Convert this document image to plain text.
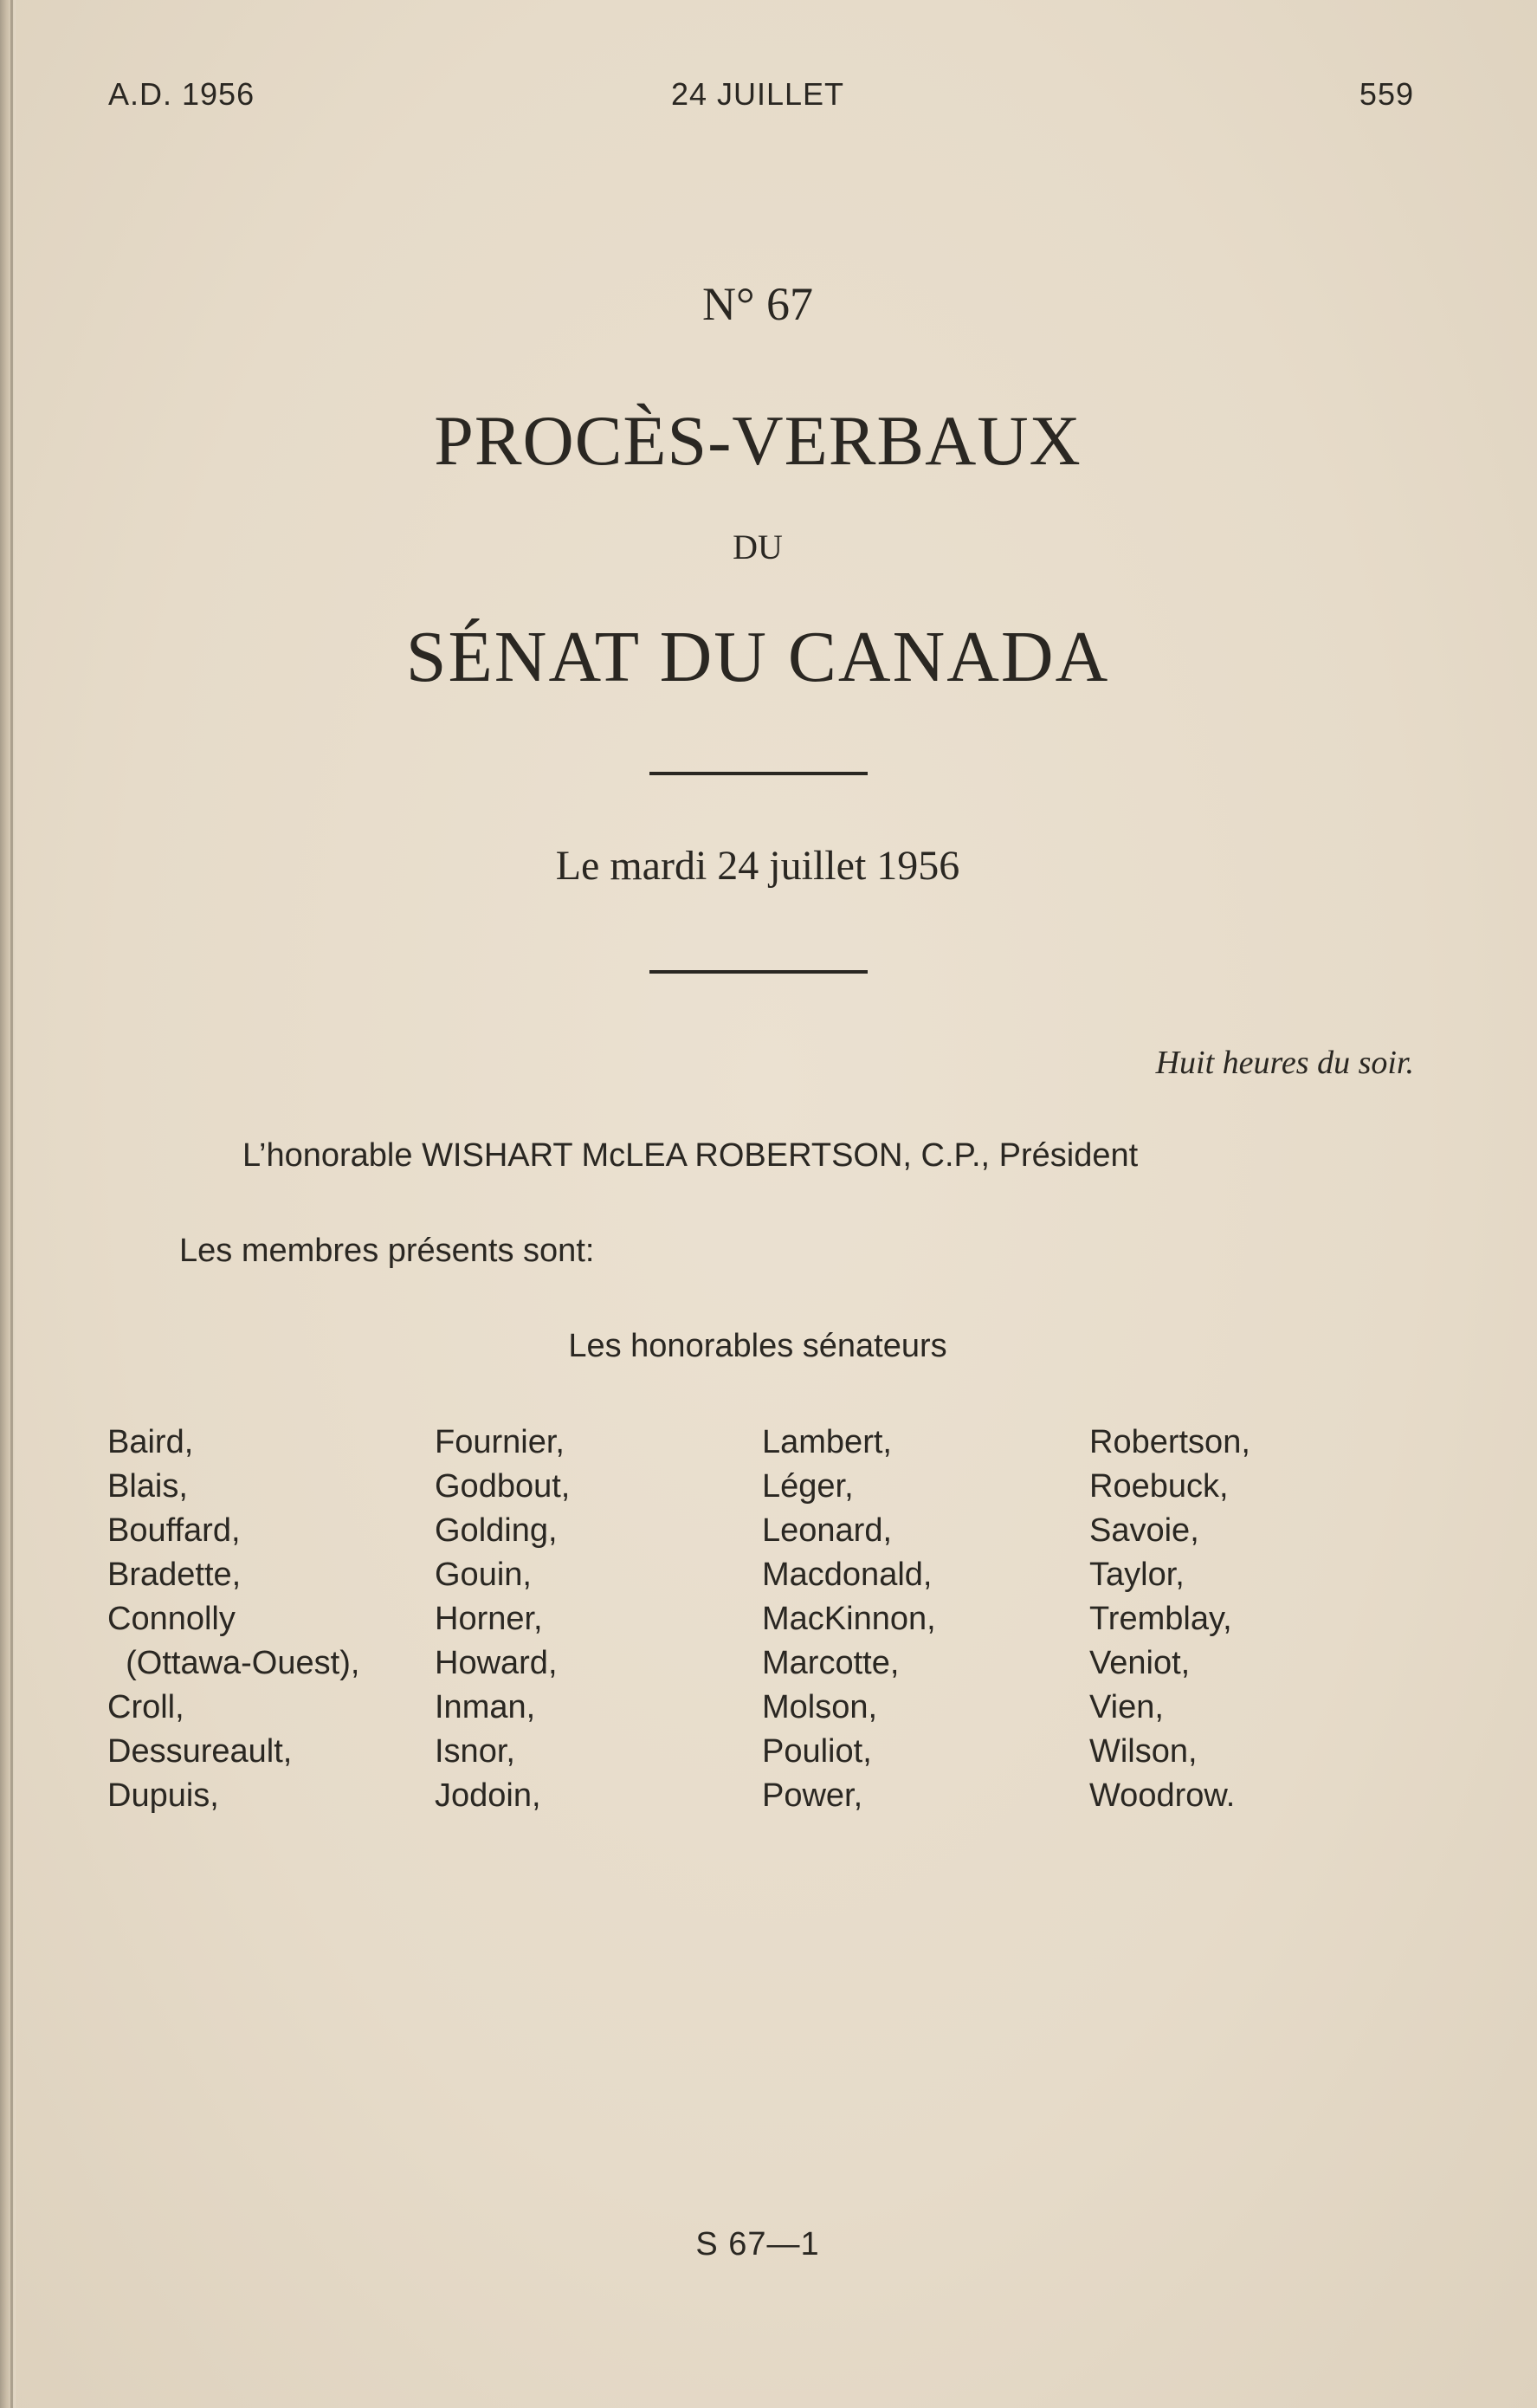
A.D. 1956	24 JUILLET	559
N° 67
PROCÈS-VERBAUX
DU
SÉNAT DU CANADA
Le mardi 24 juillet 1956
Huit heures du soir.
L’honorable WISHART McLEA ROBERTSON, C.P., Président
Les membres présents sont:
Les honorables sénateurs
Baird,
Blais,
Bouffard,
Bradette,
Connolly
(Ottawa-Ouest),
Croll,
Dessureault,
Dupuis,
Fournier,
Godbout,
Golding,
Gouin,
Horner,
Howard,
Inman,
Isnor,
Jodoin,
Lambert,
Léger,
Leonard,
Macdonald,
MacKinnon,
Marcotte,
Molson,
Pouliot,
Power,
Robertson,
Roebuck,
Savoie,
Taylor,
Tremblay,
Veniot,
Vien,
Wilson,
Woodrow.
S 67—1
